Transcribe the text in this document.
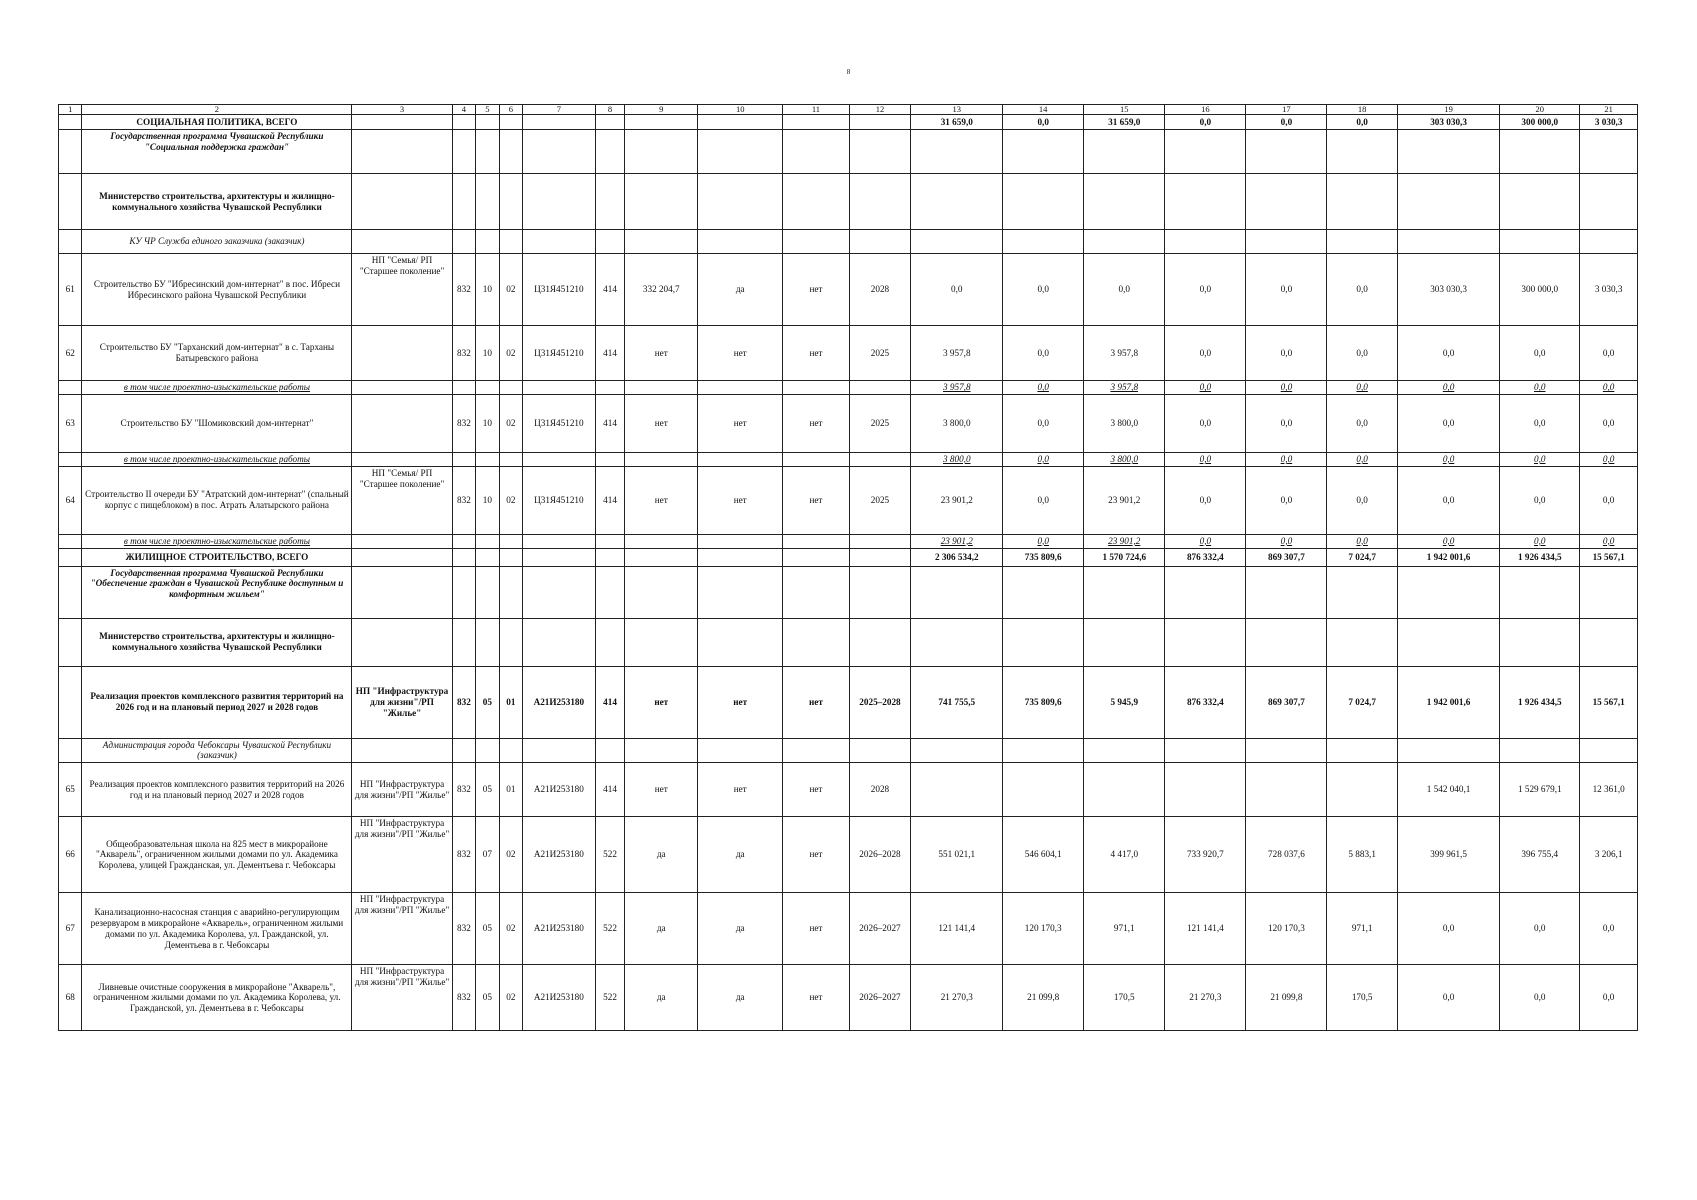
8
1	2	3	4	5	6	7	8	9	10	11	12	13	14	15	16	17	18	19	20	21
	СОЦИАЛЬНАЯ ПОЛИТИКА, ВСЕГО											31 659,0	0,0	31 659,0	0,0	0,0	0,0	303 030,3	300 000,0	3 030,3
	Государственная программа Чувашской Республики "Социальная поддержка граждан"																			
	Министерство строительства, архитектуры и жилищно-коммунального хозяйства Чувашской Республики																			
	КУ ЧР Служба единого заказчика (заказчик)																			
61	Строительство БУ "Ибресинский дом-интернат" в пос. Ибреси Ибресинского района Чувашской Республики	НП "Семья/ РП "Старшее поколение"	832	10	02	Ц31Я451210	414	332 204,7	да	нет	2028	0,0	0,0	0,0	0,0	0,0	0,0	303 030,3	300 000,0	3 030,3
62	Строительство БУ "Тарханский дом-интернат" в с. Тарханы Батыревского района		832	10	02	Ц31Я451210	414	нет	нет	нет	2025	3 957,8	0,0	3 957,8	0,0	0,0	0,0	0,0	0,0	0,0
	в том числе проектно-изыскательские работы											3 957,8	0,0	3 957,8	0,0	0,0	0,0	0,0	0,0	0,0
63	Строительство БУ "Шомиковский дом-интернат"		832	10	02	Ц31Я451210	414	нет	нет	нет	2025	3 800,0	0,0	3 800,0	0,0	0,0	0,0	0,0	0,0	0,0
	в том числе проектно-изыскательские работы											3 800,0	0,0	3 800,0	0,0	0,0	0,0	0,0	0,0	0,0
64	Строительство II очереди БУ "Атратский дом-интернат" (спальный корпус с пищеблоком) в пос. Атрать Алатырского района	НП "Семья/ РП "Старшее поколение"	832	10	02	Ц31Я451210	414	нет	нет	нет	2025	23 901,2	0,0	23 901,2	0,0	0,0	0,0	0,0	0,0	0,0
	в том числе проектно-изыскательские работы											23 901,2	0,0	23 901,2	0,0	0,0	0,0	0,0	0,0	0,0
	ЖИЛИЩНОЕ СТРОИТЕЛЬСТВО, ВСЕГО											2 306 534,2	735 809,6	1 570 724,6	876 332,4	869 307,7	7 024,7	1 942 001,6	1 926 434,5	15 567,1
	Государственная программа Чувашской Республики "Обеспечение граждан в Чувашской Республике доступным и комфортным жильем"																			
	Министерство строительства, архитектуры и жилищно-коммунального хозяйства Чувашской Республики																			
	Реализация проектов комплексного развития территорий на 2026 год и на плановый период 2027 и 2028 годов	НП "Инфраструктура для жизни"/РП "Жилье"	832	05	01	А21И253180	414	нет	нет	нет	2025–2028	741 755,5	735 809,6	5 945,9	876 332,4	869 307,7	7 024,7	1 942 001,6	1 926 434,5	15 567,1
	Администрация города Чебоксары Чувашской Республики (заказчик)																			
65	Реализация проектов комплексного развития территорий на 2026 год и на плановый период 2027 и 2028 годов	НП "Инфраструктура для жизни"/РП "Жилье"	832	05	01	А21И253180	414	нет	нет	нет	2028							1 542 040,1	1 529 679,1	12 361,0
66	Общеобразовательная школа на 825 мест в микрорайоне "Акварель", ограниченном жилыми домами по ул. Академика Королева, улицей Гражданская, ул. Дементьева г. Чебоксары	НП "Инфраструктура для жизни"/РП "Жилье"	832	07	02	А21И253180	522	да	да	нет	2026–2028	551 021,1	546 604,1	4 417,0	733 920,7	728 037,6	5 883,1	399 961,5	396 755,4	3 206,1
67	Канализационно-насосная станция с аварийно-регулирующим резервуаром в микрорайоне «Акварель», ограниченном жилыми домами по ул. Академика Королева, ул. Гражданской, ул. Дементьева в г. Чебоксары	НП "Инфраструктура для жизни"/РП "Жилье"	832	05	02	А21И253180	522	да	да	нет	2026–2027	121 141,4	120 170,3	971,1	121 141,4	120 170,3	971,1	0,0	0,0	0,0
68	Ливневые очистные сооружения в микрорайоне "Акварель", ограниченном жилыми домами по ул. Академика Королева, ул. Гражданской, ул. Дементьева в г. Чебоксары	НП "Инфраструктура для жизни"/РП "Жилье"	832	05	02	А21И253180	522	да	да	нет	2026–2027	21 270,3	21 099,8	170,5	21 270,3	21 099,8	170,5	0,0	0,0	0,0
